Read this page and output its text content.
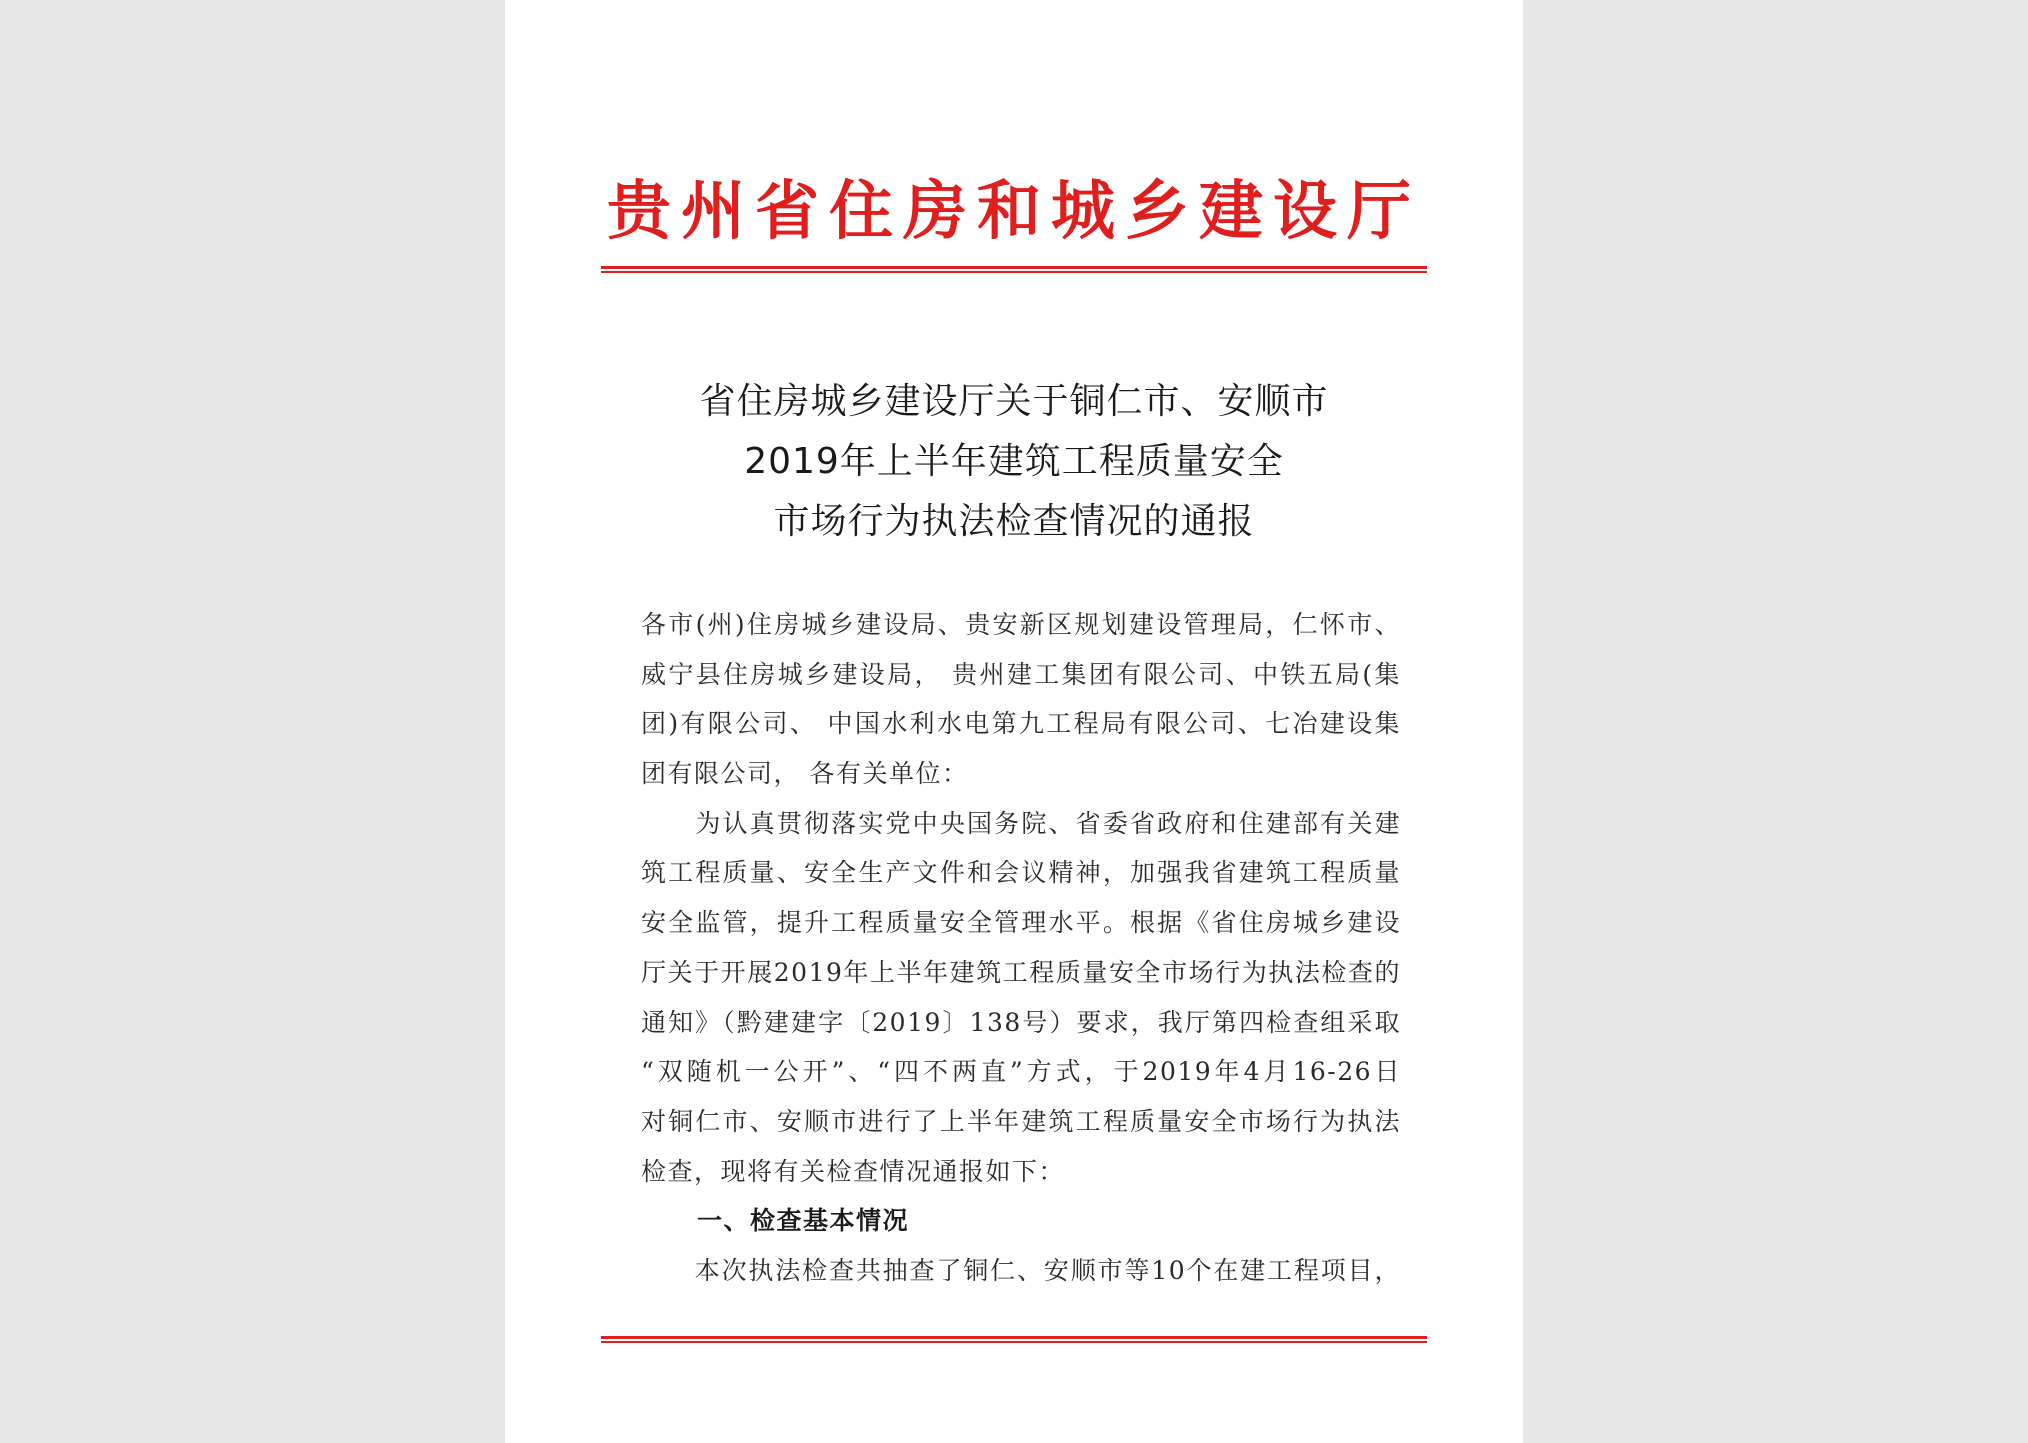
贵州省住房和城乡建设厅
省住房城乡建设厅关于铜仁市、安顺市
2019年上半年建筑工程质量安全
市场行为执法检查情况的通报
各市(州)住房城乡建设局、贵安新区规划建设管理局，仁怀市、
威宁县住房城乡建设局， 贵州建工集团有限公司、中铁五局(集
团)有限公司、 中国水利水电第九工程局有限公司、七冶建设集
团有限公司， 各有关单位：
　　为认真贯彻落实党中央国务院、省委省政府和住建部有关建
筑工程质量、安全生产文件和会议精神，加强我省建筑工程质量
安全监管，提升工程质量安全管理水平。根据《省住房城乡建设
厅关于开展2019年上半年建筑工程质量安全市场行为执法检查的
通知》（黔建建字〔2019〕138号）要求，我厅第四检查组采取
“双随机一公开”、“四不两直”方式，于2019年4月16-26日
对铜仁市、安顺市进行了上半年建筑工程质量安全市场行为执法
检查，现将有关检查情况通报如下：
一、检查基本情况
　　本次执法检查共抽查了铜仁、安顺市等10个在建工程项目，
